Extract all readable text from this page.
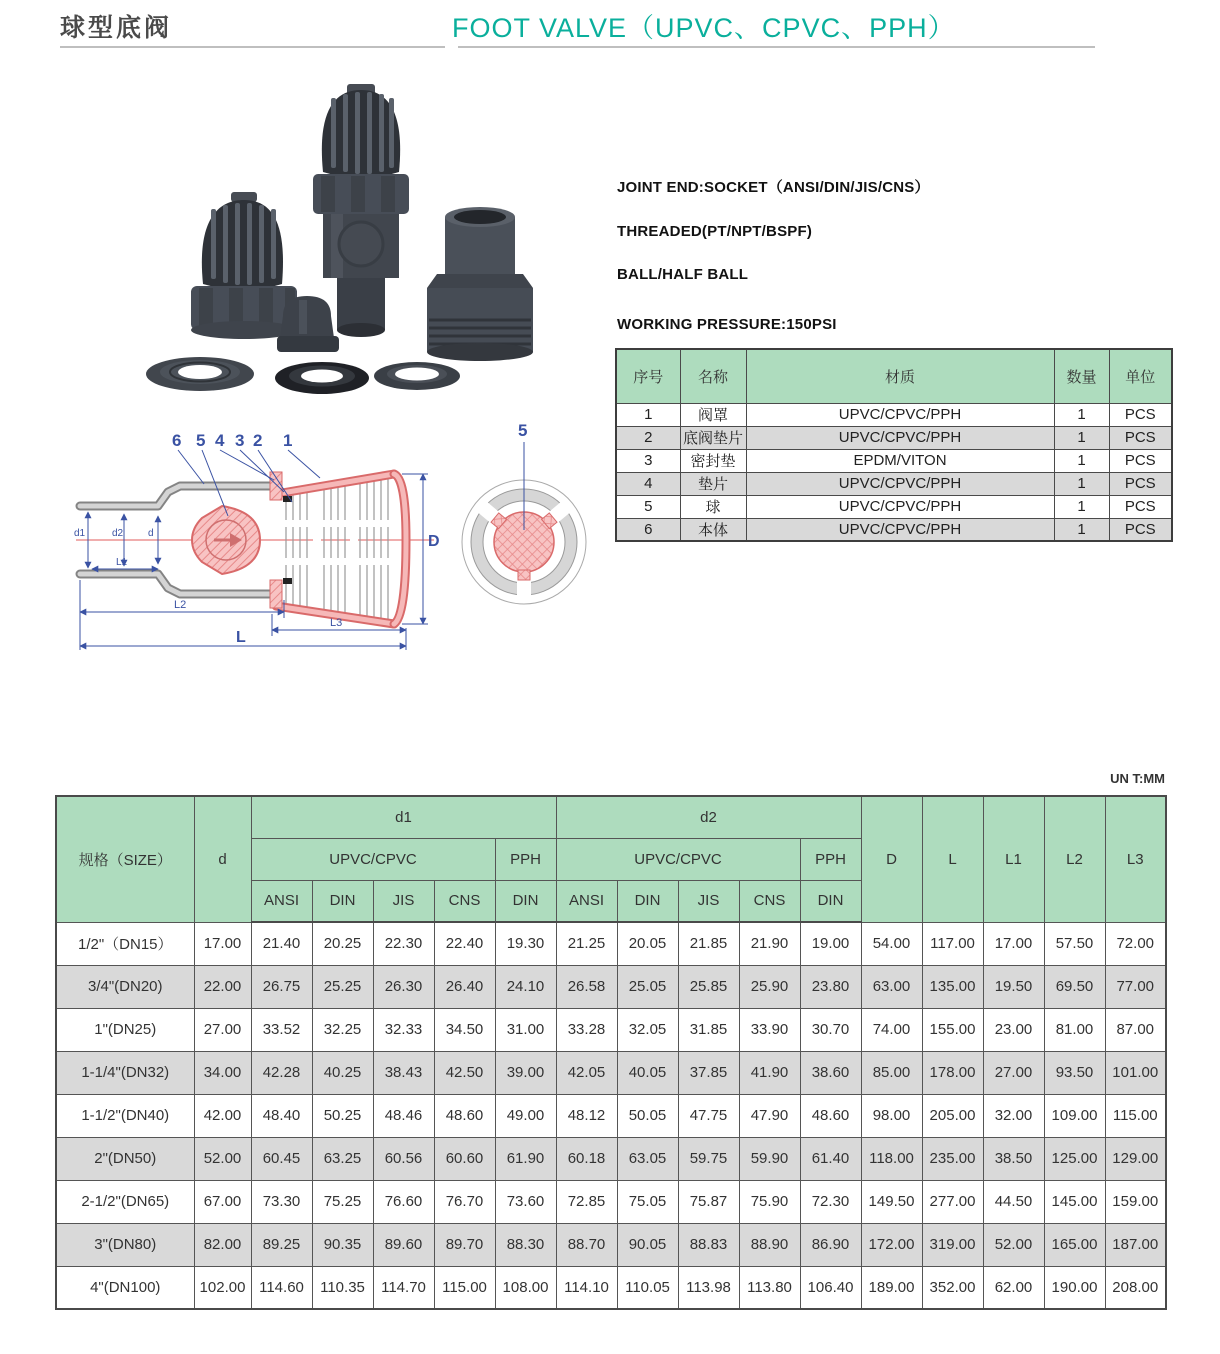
球型底阀	FOOT VALVE（UPVC、CPVC、PPH）
6 5 4 3 2 1
d1	d2 d
L1
L2
L3
L
D
5

JOINT END:SOCKET（ANSI/DIN/JIS/CNS）

THREADED(PT/NPT/BSPF)

BALL/HALF BALL

WORKING PRESSURE:150PSI

序号	名称	材质	数量	单位
1	阀罩	UPVC/CPVC/PPH	1	PCS
2	底阀垫片	UPVC/CPVC/PPH	1	PCS
3	密封垫	EPDM/VITON	1	PCS
4	垫片	UPVC/CPVC/PPH	1	PCS
5	球	UPVC/CPVC/PPH	1	PCS
6	本体	UPVC/CPVC/PPH	1	PCS
UN T:MM
规格（SIZE）	d	d1					d2					D	L	L1	L2	L3
		UPVC/CPVC				PPH	UPVC/CPVC				PPH					
		ANSI	DIN	JIS	CNS	DIN	ANSI	DIN	JIS	CNS	DIN					
1/2"（DN15）	17.00	21.40	20.25	22.30	22.40	19.30	21.25	20.05	21.85	21.90	19.00	54.00	117.00	17.00	57.50	72.00
3/4"(DN20)	22.00	26.75	25.25	26.30	26.40	24.10	26.58	25.05	25.85	25.90	23.80	63.00	135.00	19.50	69.50	77.00
1"(DN25)	27.00	33.52	32.25	32.33	34.50	31.00	33.28	32.05	31.85	33.90	30.70	74.00	155.00	23.00	81.00	87.00
1-1/4"(DN32)	34.00	42.28	40.25	38.43	42.50	39.00	42.05	40.05	37.85	41.90	38.60	85.00	178.00	27.00	93.50	101.00
1-1/2"(DN40)	42.00	48.40	50.25	48.46	48.60	49.00	48.12	50.05	47.75	47.90	48.60	98.00	205.00	32.00	109.00	115.00
2"(DN50)	52.00	60.45	63.25	60.56	60.60	61.90	60.18	63.05	59.75	59.90	61.40	118.00	235.00	38.50	125.00	129.00
2-1/2"(DN65)	67.00	73.30	75.25	76.60	76.70	73.60	72.85	75.05	75.87	75.90	72.30	149.50	277.00	44.50	145.00	159.00
3"(DN80)	82.00	89.25	90.35	89.60	89.70	88.30	88.70	90.05	88.83	88.90	86.90	172.00	319.00	52.00	165.00	187.00
4"(DN100)	102.00	114.60	110.35	114.70	115.00	108.00	114.10	110.05	113.98	113.80	106.40	189.00	352.00	62.00	190.00	208.00
